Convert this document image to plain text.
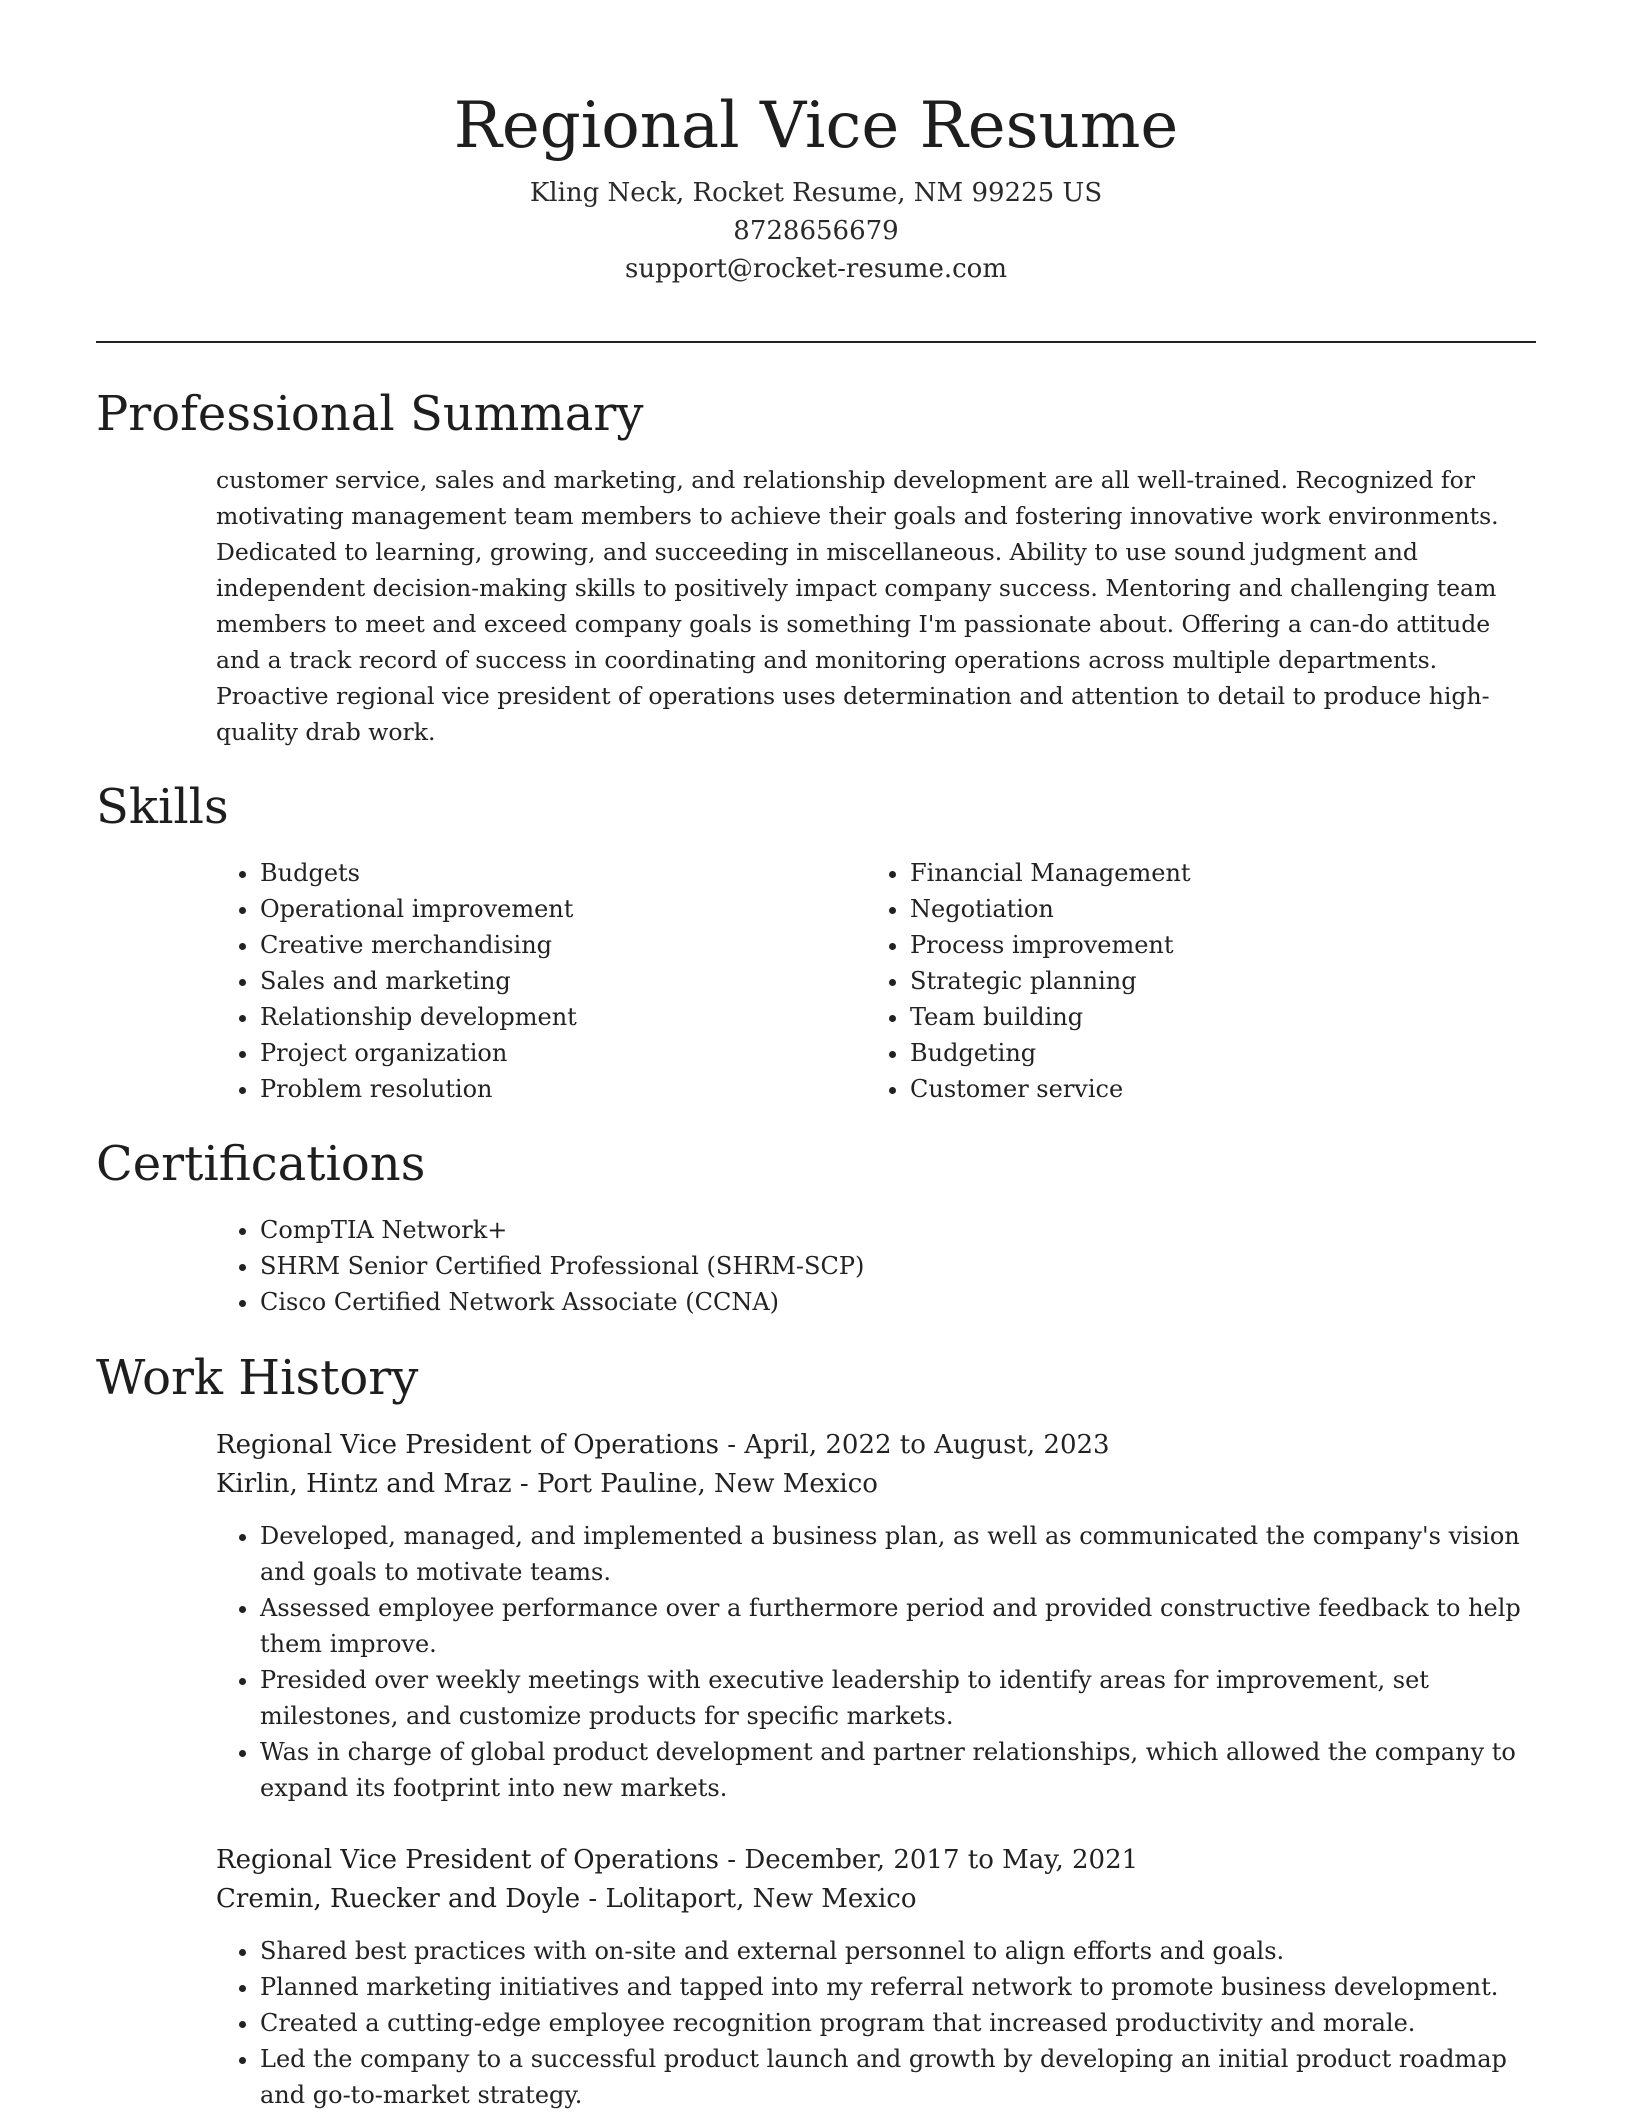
Regional Vice Resume

Kling Neck, Rocket Resume, NM 99225 US

8728656679

support@rocket-resume.com

Professional Summary

customer service, sales and marketing, and relationship development are all well-trained. Recognized for motivating management team members to achieve their goals and fostering innovative work environments. Dedicated to learning, growing, and succeeding in miscellaneous. Ability to use sound judgment and independent decision-making skills to positively impact company success. Mentoring and challenging team members to meet and exceed company goals is something I'm passionate about. Offering a can-do attitude and a track record of success in coordinating and monitoring operations across multiple departments. Proactive regional vice president of operations uses determination and attention to detail to produce high-quality drab work.

Skills
• Budgets
• Operational improvement
• Creative merchandising
• Sales and marketing
• Relationship development
• Project organization
• Problem resolution
• Financial Management
• Negotiation
• Process improvement
• Strategic planning
• Team building
• Budgeting
• Customer service
Certifications
• CompTIA Network+
• SHRM Senior Certified Professional (SHRM-SCP)
• Cisco Certified Network Associate (CCNA)
Work History

Regional Vice President of Operations - April, 2022 to August, 2023

Kirlin, Hintz and Mraz - Port Pauline, New Mexico

• Developed, managed, and implemented a business plan, as well as communicated the company's vision and goals to motivate teams.
• Assessed employee performance over a furthermore period and provided constructive feedback to help them improve.
• Presided over weekly meetings with executive leadership to identify areas for improvement, set milestones, and customize products for specific markets.
• Was in charge of global product development and partner relationships, which allowed the company to expand its footprint into new markets.

Regional Vice President of Operations - December, 2017 to May, 2021

Cremin, Ruecker and Doyle - Lolitaport, New Mexico

• Shared best practices with on-site and external personnel to align efforts and goals.
• Planned marketing initiatives and tapped into my referral network to promote business development.
• Created a cutting-edge employee recognition program that increased productivity and morale.
• Led the company to a successful product launch and growth by developing an initial product roadmap and go-to-market strategy.
